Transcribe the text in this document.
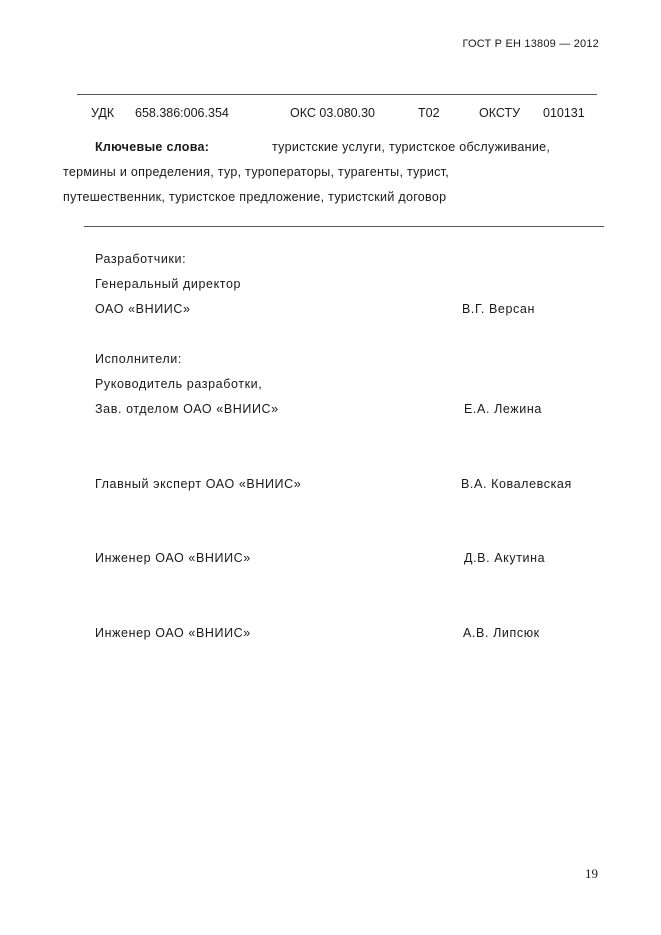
ГОСТ Р ЕН 13809 — 2012
УДК 658.386:006.354	ОКС 03.080.30	Т02	ОКСТУ 010131
Ключевые слова:	туристские услуги, туристское обслуживание,
термины и определения, тур, туроператоры, турагенты, турист,
путешественник, туристское предложение, туристский договор
Разработчики:
Генеральный директор
ОАО «ВНИИС»	В.Г. Версан
Исполнители:
Руководитель разработки,
Зав. отделом ОАО «ВНИИС»	Е.А. Лежина
Главный эксперт ОАО «ВНИИС»	В.А. Ковалевская
Инженер ОАО «ВНИИС»	Д.В. Акутина
Инженер ОАО «ВНИИС»	А.В. Липсюк
19
